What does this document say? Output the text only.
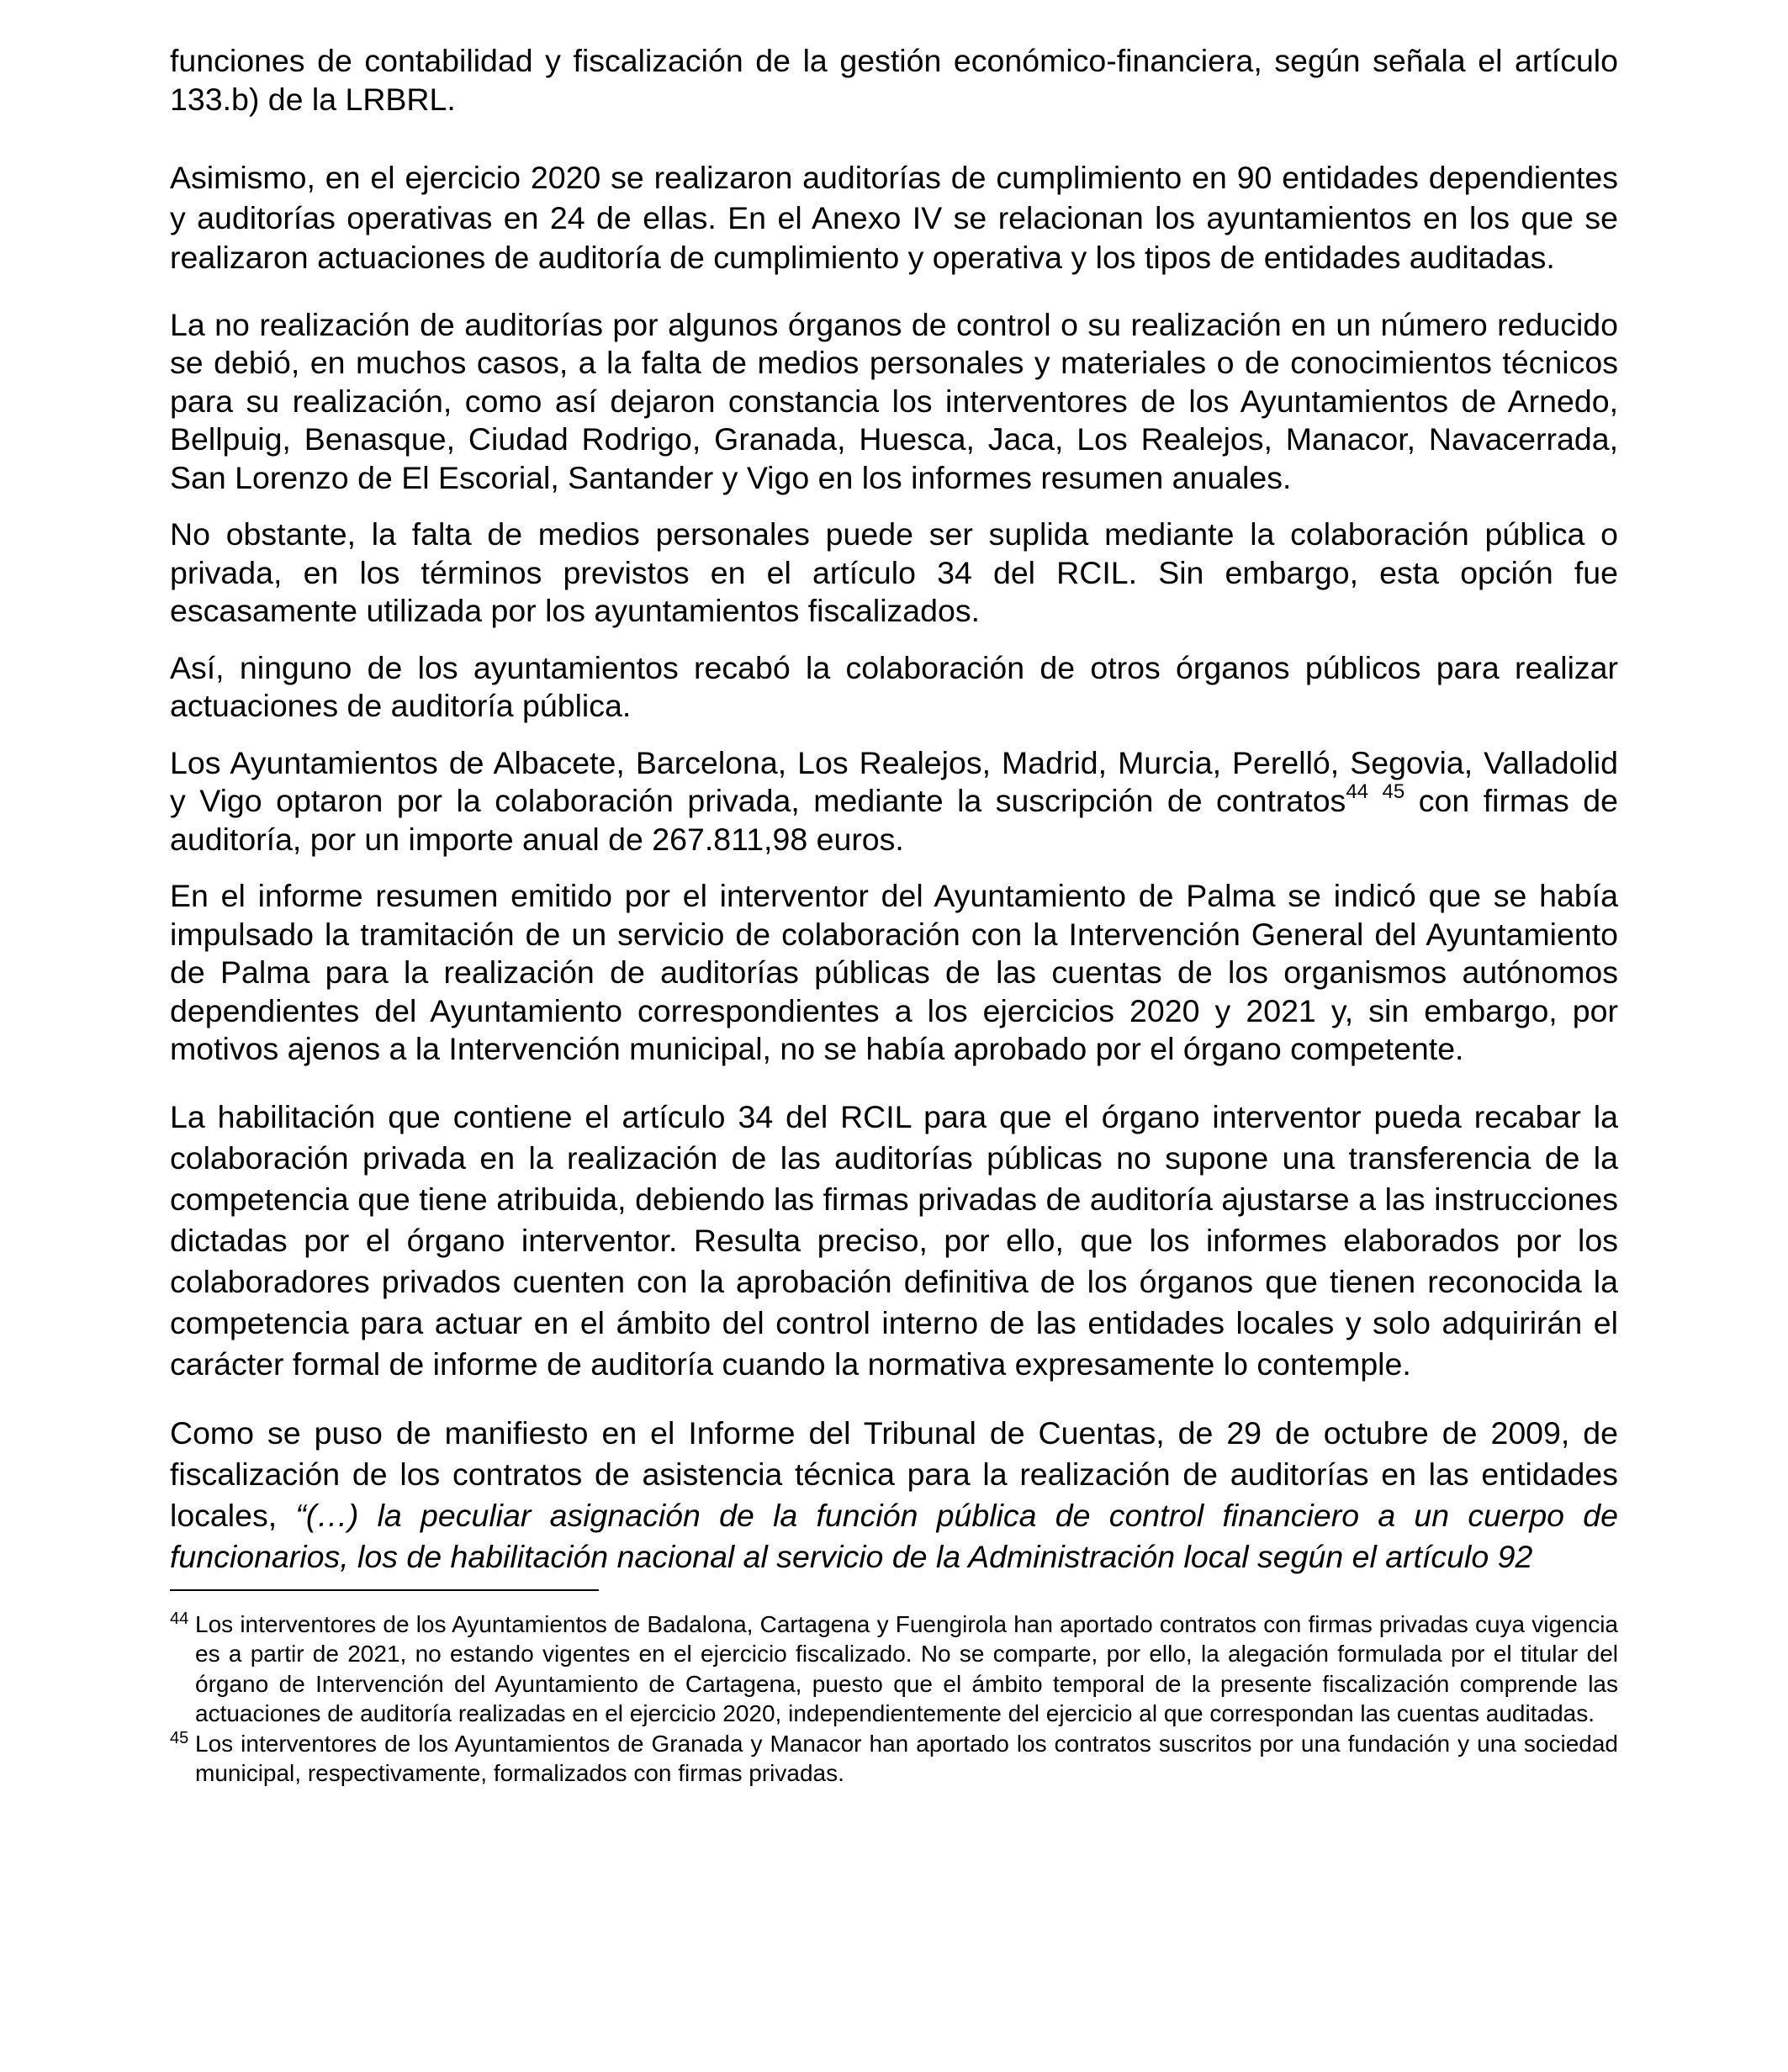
funciones de contabilidad y fiscalización de la gestión económico-financiera, según señala el artículo 133.b) de la LRBRL.

Asimismo, en el ejercicio 2020 se realizaron auditorías de cumplimiento en 90 entidades dependientes y auditorías operativas en 24 de ellas. En el Anexo IV se relacionan los ayuntamientos en los que se realizaron actuaciones de auditoría de cumplimiento y operativa y los tipos de entidades auditadas.

La no realización de auditorías por algunos órganos de control o su realización en un número reducido se debió, en muchos casos, a la falta de medios personales y materiales o de conocimientos técnicos para su realización, como así dejaron constancia los interventores de los Ayuntamientos de Arnedo, Bellpuig, Benasque, Ciudad Rodrigo, Granada, Huesca, Jaca, Los Realejos, Manacor, Navacerrada, San Lorenzo de El Escorial, Santander y Vigo en los informes resumen anuales.

No obstante, la falta de medios personales puede ser suplida mediante la colaboración pública o privada, en los términos previstos en el artículo 34 del RCIL. Sin embargo, esta opción fue escasamente utilizada por los ayuntamientos fiscalizados.

Así, ninguno de los ayuntamientos recabó la colaboración de otros órganos públicos para realizar actuaciones de auditoría pública.

Los Ayuntamientos de Albacete, Barcelona, Los Realejos, Madrid, Murcia, Perelló, Segovia, Valladolid y Vigo optaron por la colaboración privada, mediante la suscripción de contratos$^{44}$ $^{45}$ con firmas de auditoría, por un importe anual de 267.811,98 euros.

En el informe resumen emitido por el interventor del Ayuntamiento de Palma se indicó que se había impulsado la tramitación de un servicio de colaboración con la Intervención General del Ayuntamiento de Palma para la realización de auditorías públicas de las cuentas de los organismos autónomos dependientes del Ayuntamiento correspondientes a los ejercicios 2020 y 2021 y, sin embargo, por motivos ajenos a la Intervención municipal, no se había aprobado por el órgano competente.

La habilitación que contiene el artículo 34 del RCIL para que el órgano interventor pueda recabar la colaboración privada en la realización de las auditorías públicas no supone una transferencia de la competencia que tiene atribuida, debiendo las firmas privadas de auditoría ajustarse a las instrucciones dictadas por el órgano interventor. Resulta preciso, por ello, que los informes elaborados por los colaboradores privados cuenten con la aprobación definitiva de los órganos que tienen reconocida la competencia para actuar en el ámbito del control interno de las entidades locales y solo adquirirán el carácter formal de informe de auditoría cuando la normativa expresamente lo contemple.

Como se puso de manifiesto en el Informe del Tribunal de Cuentas, de 29 de octubre de 2009, de fiscalización de los contratos de asistencia técnica para la realización de auditorías en las entidades locales, “(…) la peculiar asignación de la función pública de control financiero a un cuerpo de funcionarios, los de habilitación nacional al servicio de la Administración local según el artículo 92

44 Los interventores de los Ayuntamientos de Badalona, Cartagena y Fuengirola han aportado contratos con firmas privadas cuya vigencia es a partir de 2021, no estando vigentes en el ejercicio fiscalizado. No se comparte, por ello, la alegación formulada por el titular del órgano de Intervención del Ayuntamiento de Cartagena, puesto que el ámbito temporal de la presente fiscalización comprende las actuaciones de auditoría realizadas en el ejercicio 2020, independientemente del ejercicio al que correspondan las cuentas auditadas.
45 Los interventores de los Ayuntamientos de Granada y Manacor han aportado los contratos suscritos por una fundación y una sociedad municipal, respectivamente, formalizados con firmas privadas.
